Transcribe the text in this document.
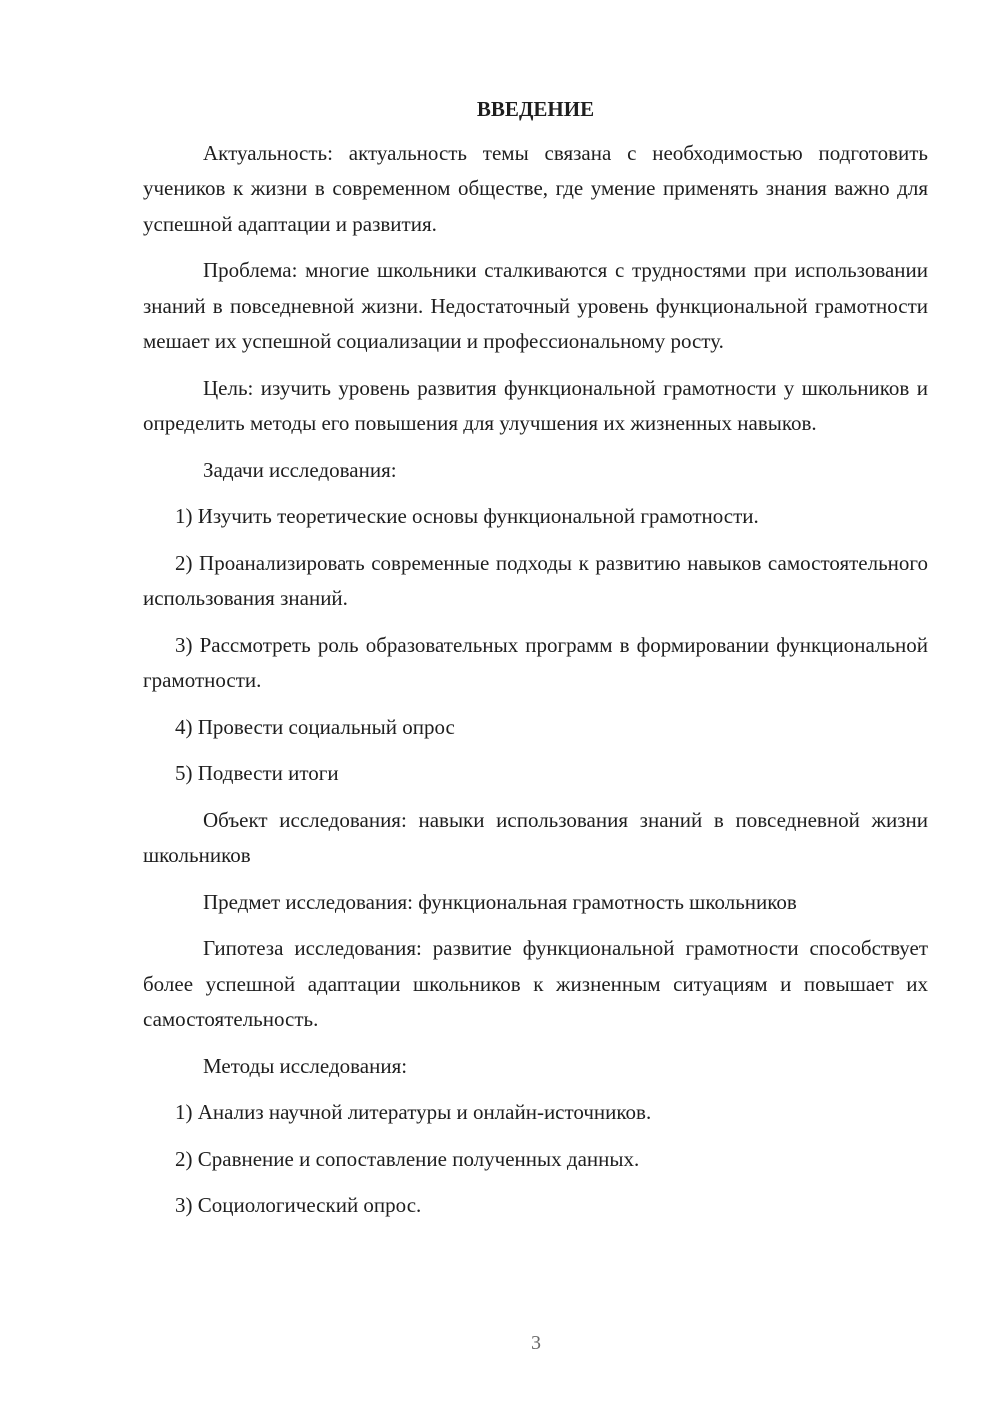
ВВЕДЕНИЕ

Актуальность: актуальность темы связана с необходимостью подготовить учеников к жизни в современном обществе, где умение применять знания важно для успешной адаптации и развития.

Проблема: многие школьники сталкиваются с трудностями при использовании знаний в повседневной жизни. Недостаточный уровень функциональной грамотности мешает их успешной социализации и профессиональному росту.

Цель: изучить уровень развития функциональной грамотности у школьников и определить методы его повышения для улучшения их жизненных навыков.

Задачи исследования:

1) Изучить теоретические основы функциональной грамотности.

2) Проанализировать современные подходы к развитию навыков самостоятельного использования знаний.

3) Рассмотреть роль образовательных программ в формировании функциональной грамотности.

4) Провести социальный опрос

5) Подвести итоги

Объект исследования: навыки использования знаний в повседневной жизни школьников

Предмет исследования: функциональная грамотность школьников

Гипотеза исследования: развитие функциональной грамотности способствует более успешной адаптации школьников к жизненным ситуациям и повышает их самостоятельность.

Методы исследования:

1) Анализ научной литературы и онлайн-источников.

2) Сравнение и сопоставление полученных данных.

3) Социологический опрос.

3
